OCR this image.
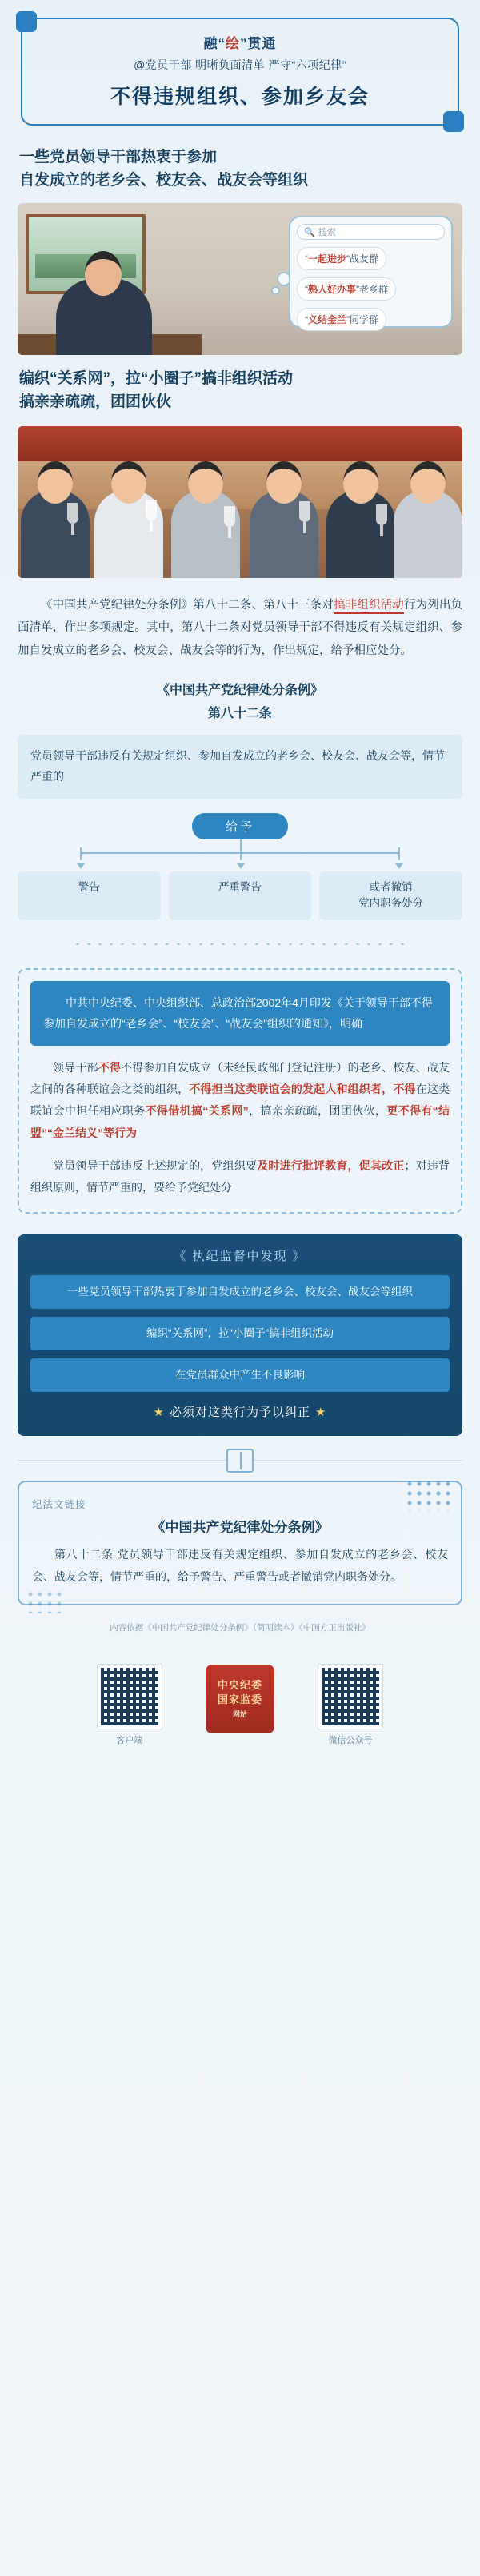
融“绘”贯通
@党员干部 明晰负面清单 严守“六项纪律”
不得违规组织、参加乡友会
一些党员领导干部热衷于参加
自发成立的老乡会、校友会、战友会等组织
🔍 搜索
“一起进步”战友群 “熟人好办事”老乡群 “义结金兰”同学群
编织“关系网”，拉“小圈子”搞非组织活动
搞亲亲疏疏，团团伙伙
《中国共产党纪律处分条例》第八十二条、第八十三条对搞非组织活动行为列出负面清单，作出多项规定。其中，第八十二条对党员领导干部不得违反有关规定组织、参加自发成立的老乡会、校友会、战友会等的行为，作出规定，给予相应处分。
《中国共产党纪律处分条例》
第八十二条
党员领导干部违反有关规定组织、参加自发成立的老乡会、校友会、战友会等，情节严重的
给予
警告	严重警告	或者撤销
党内职务处分
中共中央纪委、中央组织部、总政治部2002年4月印发《关于领导干部不得参加自发成立的“老乡会”、“校友会”、“战友会”组织的通知》，明确
领导干部不得不得参加自发成立（未经民政部门登记注册）的老乡、校友、战友之间的各种联谊会之类的组织，不得担当这类联谊会的发起人和组织者，不得在这类联谊会中担任相应职务不得借机搞“关系网”，搞亲亲疏疏，团团伙伙，更不得有“结盟”“金兰结义”等行为
党员领导干部违反上述规定的，党组织要及时进行批评教育，促其改正；对违背组织原则，情节严重的，要给予党纪处分
《 执纪监督中发现 》
一些党员领导干部热衷于参加自发成立的老乡会、校友会、战友会等组织
编织“关系网”，拉“小圈子”搞非组织活动
在党员群众中产生不良影响
★ 必须对这类行为予以纠正 ★
纪法文链接
《中国共产党纪律处分条例》
第八十二条 党员领导干部违反有关规定组织、参加自发成立的老乡会、校友会、战友会等，情节严重的，给予警告、严重警告或者撤销党内职务处分。
内容依据《中国共产党纪律处分条例》（简明读本）《中国方正出版社》
客户端
中央纪委
国家监委
网站
微信公众号
